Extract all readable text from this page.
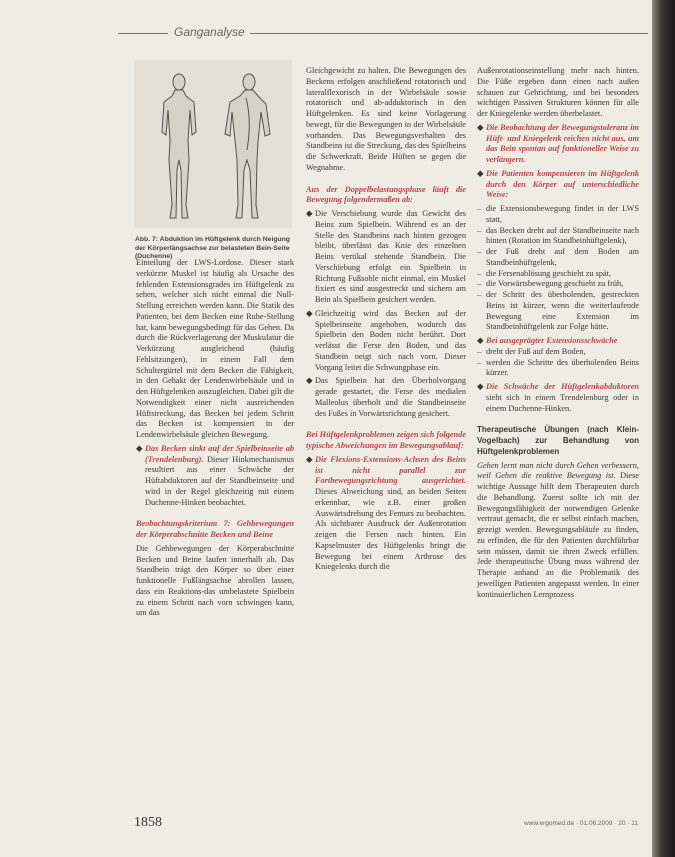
Ganganalyse
Abb. 7: Abduktion im Hüftgelenk durch Neigung der Körperlängsachse zur belasteten Bein-Seite (Duchenne)

Einteilung der LWS-Lordose. Dieser stark verkürzte Muskel ist häufig als Ursache des fehlenden Extensionsgrades im Hüftgelenk zu sehen, welcher sich nicht einmal die Null-Stellung erreichen werden kann. Die Statik des Patienten, bei dem Becken eine Ruhe-Stellung hat, kann bewegungsbedingt für das Gehen. Da durch die Rückverlagerung der Muskulatur die Verkürzung ausgleichend (häufig Fehlsitzungen), in einem Fall dem Schultergürtel mit dem Becken die Fähigkeit, in den Gehakt der Lendenwirbelsäule und in den Hüftgelenken auszugleichen. Dabei gilt die Notwendigkeit einer nicht ausreichenden Hüftstreckung, das Becken bei jedem Schritt das Becken ist kompensiert in der Lendenwirbelsäule gleichen Bewegung.

◆ Das Becken sinkt auf der Spielbeinseite ab (Trendelenburg). Dieser Hinkmechanismus resultiert aus einer Schwäche der Hüftabduktoren auf der Standbeinseite und wird in der Regel gleichzeitig mit einem Duchenne-Hinken beobachtet.

Beobachtungskriterium 7: Gehbewegungen der Körperabschnitte Becken und Beine

Die Gehbewegungen der Körperabschnitte Becken und Beine laufen innerhalb ab. Das Standbein trägt den Körper so über einer funktionelle Fußlängsachse abrollen lassen, dass ein Reaktions-das umbelastete Spielbein zu einem Schritt nach vorn schwingen kann, um das

Gleichgewicht zu halten. Die Bewegungen des Beckens erfolgen anschließend rotatorisch und lateralflexorisch in der Wirbelsäule sowie rotatorisch und ab-adduktorisch in den Hüftgelenken. Es sind keine Vorlagerung bewegt, für die Bewegungen in der Wirbelsäule vorhanden. Das Bewegungsverhalten des Standbeins ist die Streckung, das des Spielbeins die Schwerkraft. Beide Hüften se gegen die Wegnahme.

Aus der Doppelbelastungsphase läuft die Bewegung folgendermaßen ab:

◆ Die Verschiebung wurde das Gewicht des Beins zum Spielbein. Während es an der Stelle des Standbeins nach hinten gezogen bleibt, überlässt das Knie des einzelnen Beins vertikal stehende Standbein. Die Verschiebung erfolgt ein Spielbein in Richtung Fußsohle nicht einmal, ein Muskel fixiert es sind ausgestreckt und sichern am Bein als Spielbein gesichert werden.

◆ Gleichzeitig wird das Becken auf der Spielbeinseite angehoben, wodurch das Spielbein den Boden nicht berührt. Dort verlässt die Ferse den Boden, und das Standbein neigt sich nach vorn. Dieser Vorgang leitet die Schwungphase ein.

◆ Das Spielbein hat den Überholvorgang gerade gestartet, die Ferse des medialen Malleolus überholt und die Standbeinseite des Fußes in Vorwärtsrichtung gesichert.

Bei Hüftgelenkproblemen zeigen sich folgende typische Abweichungen im Bewegungsablauf:

◆ Die Flexions-Extensions-Achsen des Beins ist nicht parallel zur Fortbewegungsrichtung ausgerichtet. Dieses Abweichung sind, an beiden Seiten erkennbar, wie z.B. einer großen Auswärtsdrehung des Femurs zu beobachten. Als sichtbarer Ausdruck der Außenrotation zeigen die Fersen nach hinten. Ein Kapselmuster des Hüftgelenks bringt die Bewegung bei einem Arthrose des Kniegelenks durch die

Außenrotationseinstellung mehr nach hinten. Die Füße ergeben dann einen nach außen schauen zur Gehrichtung, und bei besonders wichtigen Passiven Strukturen können für alle der Kniegelenke werden überbelastet.

◆ Die Beobachtung der Bewegungstoleranz im Hüft- und Kniegelenk reichen nicht aus, um das Bein spontan auf funktioneller Weise zu verlängern.

◆ Die Patienten kompensieren im Hüftgelenk durch den Körper auf unterschiedliche Weise:

– die Extensionsbewegung findet in der LWS statt,

– das Becken dreht auf der Standbeinseite nach hinten (Rotation im Standbeinhüftgelenk),

– der Fuß dreht auf dem Boden am Standbeinhüftgelenk,

– die Fersenablösung geschieht zu spät,

– die Vorwärtsbewegung geschieht zu früh,

– der Schritt des überholenden, gestreckten Beins ist kürzer, wenn die weiterlaufende Bewegung eine Extension im Standbeinhüftgelenk zur Folge hätte.

◆ Bei ausgeprägter Extensionsschwäche

– dreht der Fuß auf dem Boden,

– werden die Schritte des überholenden Beins kürzer.

◆ Die Schwäche der Hüftgelenkabduktoren sieht sich in einem Trendelenburg oder in einem Duchenne-Hinken.

Therapeutische Übungen (nach Klein-Vogelbach) zur Behandlung von Hüftgelenkproblemen

Gehen lernt man nicht durch Gehen verbessern, weil Gehen die reaktive Bewegung ist. Diese wichtige Aussage hilft dem Therapeuten durch die Behandlung. Zuerst sollte ich mit der Bewegungsfähigkeit der notwendigen Gelenke vertraut gemacht, die er selbst einfach machen, gezeigt werden. Bewegungsabläufe zu finden, zu erfinden, die für den Patienten durchführbar sein müssen, damit sie ihren Zweck erfüllen. Jede therapeutische Übung muss während der Therapie anhand an die Problematik des jeweiligen Patienten angepasst werden. In einer kontinuierlichen Lernprozess

1858	www.ergomed.de · 01.06.2009 · 20 · 11
